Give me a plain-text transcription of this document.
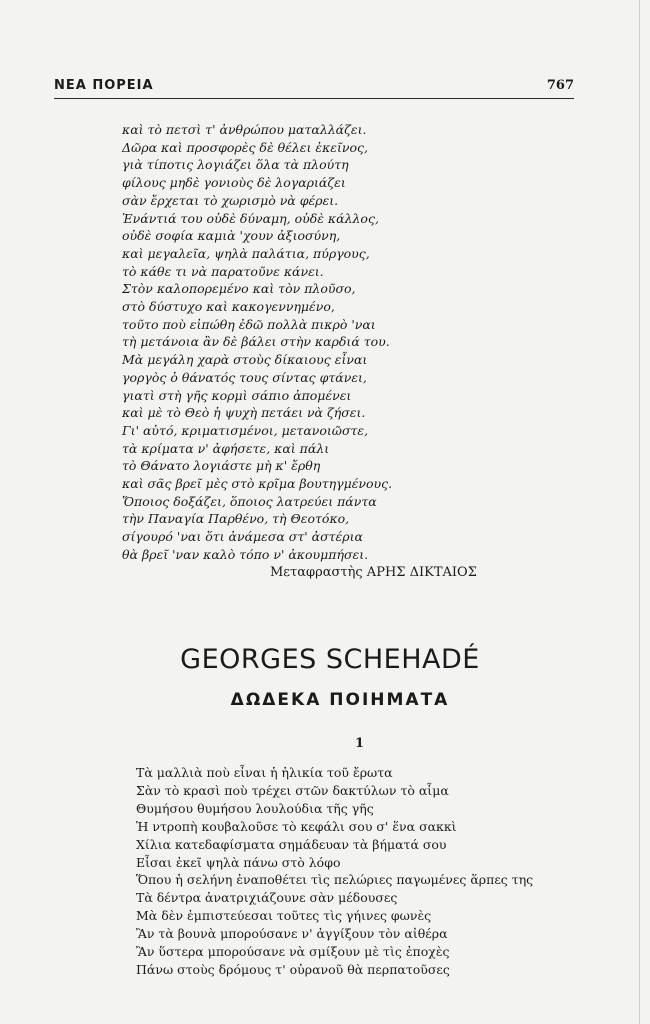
ΝΕΑ ΠΟΡΕΙΑ	767
καὶ τὸ πετσὶ τ' ἀνθρώπου ματαλλάζει.
Δῶρα καὶ προσφορὲς δὲ θέλει ἐκεῖνος,
γιὰ τίποτις λογιάζει ὅλα τὰ πλούτη
φίλους μηδὲ γονιοὺς δὲ λογαριάζει
σὰν ἔρχεται τὸ χωρισμὸ νὰ φέρει.
Ἐνάντιά του οὐδὲ δύναμη, οὐδὲ κάλλος,
οὐδὲ σοφία καμιὰ 'χουν ἀξιοσύνη,
καὶ μεγαλεῖα, ψηλὰ παλάτια, πύργους,
τὸ κάθε τι νὰ παρατοῦνε κάνει.
Στὸν καλοπορεμένο καὶ τὸν πλοῦσο,
στὸ δύστυχο καὶ κακογεννημένο,
τοῦτο ποὺ εἰπώθη ἐδῶ πολλὰ πικρὸ 'ναι
τὴ μετάνοια ἂν δὲ βάλει στὴν καρδιά του.
Μὰ μεγάλη χαρὰ στοὺς δίκαιους εἶναι
γοργὸς ὁ θάνατός τους σίντας φτάνει,
γιατὶ στὴ γῆς κορμὶ σάπιο ἀπομένει
καὶ μὲ τὸ Θεὸ ἡ ψυχὴ πετάει νὰ ζήσει.
Γι' αὐτό, κριματισμένοι, μετανοιῶστε,
τὰ κρίματα ν' ἀφήσετε, καὶ πάλι
τὸ Θάνατο λογιάστε μὴ κ' ἔρθη
καὶ σᾶς βρεῖ μὲς στὸ κρῖμα βουτηγμένους.
Ὅποιος δοξάζει, ὅποιος λατρεύει πάντα
τὴν Παναγία Παρθένο, τὴ Θεοτόκο,
σίγουρό 'ναι ὅτι ἀνάμεσα στ' ἀστέρια
θὰ βρεῖ 'ναν καλὸ τόπο ν' ἀκουμπήσει.
Μεταφραστὴς ΑΡΗΣ ΔΙΚΤΑΙΟΣ
GEORGES SCHEHADÉ
ΔΩΔΕΚΑ ΠΟΙΗΜΑΤΑ
1
Τὰ μαλλιὰ ποὺ εἶναι ἡ ἡλικία τοῦ ἔρωτα
Σὰν τὸ κρασὶ ποὺ τρέχει στῶν δακτύλων τὸ αἷμα
Θυμήσου θυμήσου λουλούδια τῆς γῆς
Ἡ ντροπὴ κουβαλοῦσε τὸ κεφάλι σου σ' ἕνα σακκὶ
Χίλια κατεδαφίσματα σημάδευαν τὰ βήματά σου
Εἶσαι ἐκεῖ ψηλὰ πάνω στὸ λόφο
Ὅπου ἡ σελήνη ἐναποθέτει τὶς πελώριες παγωμένες ἅρπες της
Τὰ δέντρα ἀνατριχιάζουνε σὰν μέδουσες
Μὰ δὲν ἐμπιστεύεσαι τοῦτες τὶς γήινες φωνὲς
Ἂν τὰ βουνὰ μπορούσανε ν' ἀγγίξουν τὸν αἰθέρα
Ἂν ὕστερα μπορούσανε νὰ σμίξουν μὲ τὶς ἐποχὲς
Πάνω στοὺς δρόμους τ' οὐρανοῦ θὰ περπατοῦσες
